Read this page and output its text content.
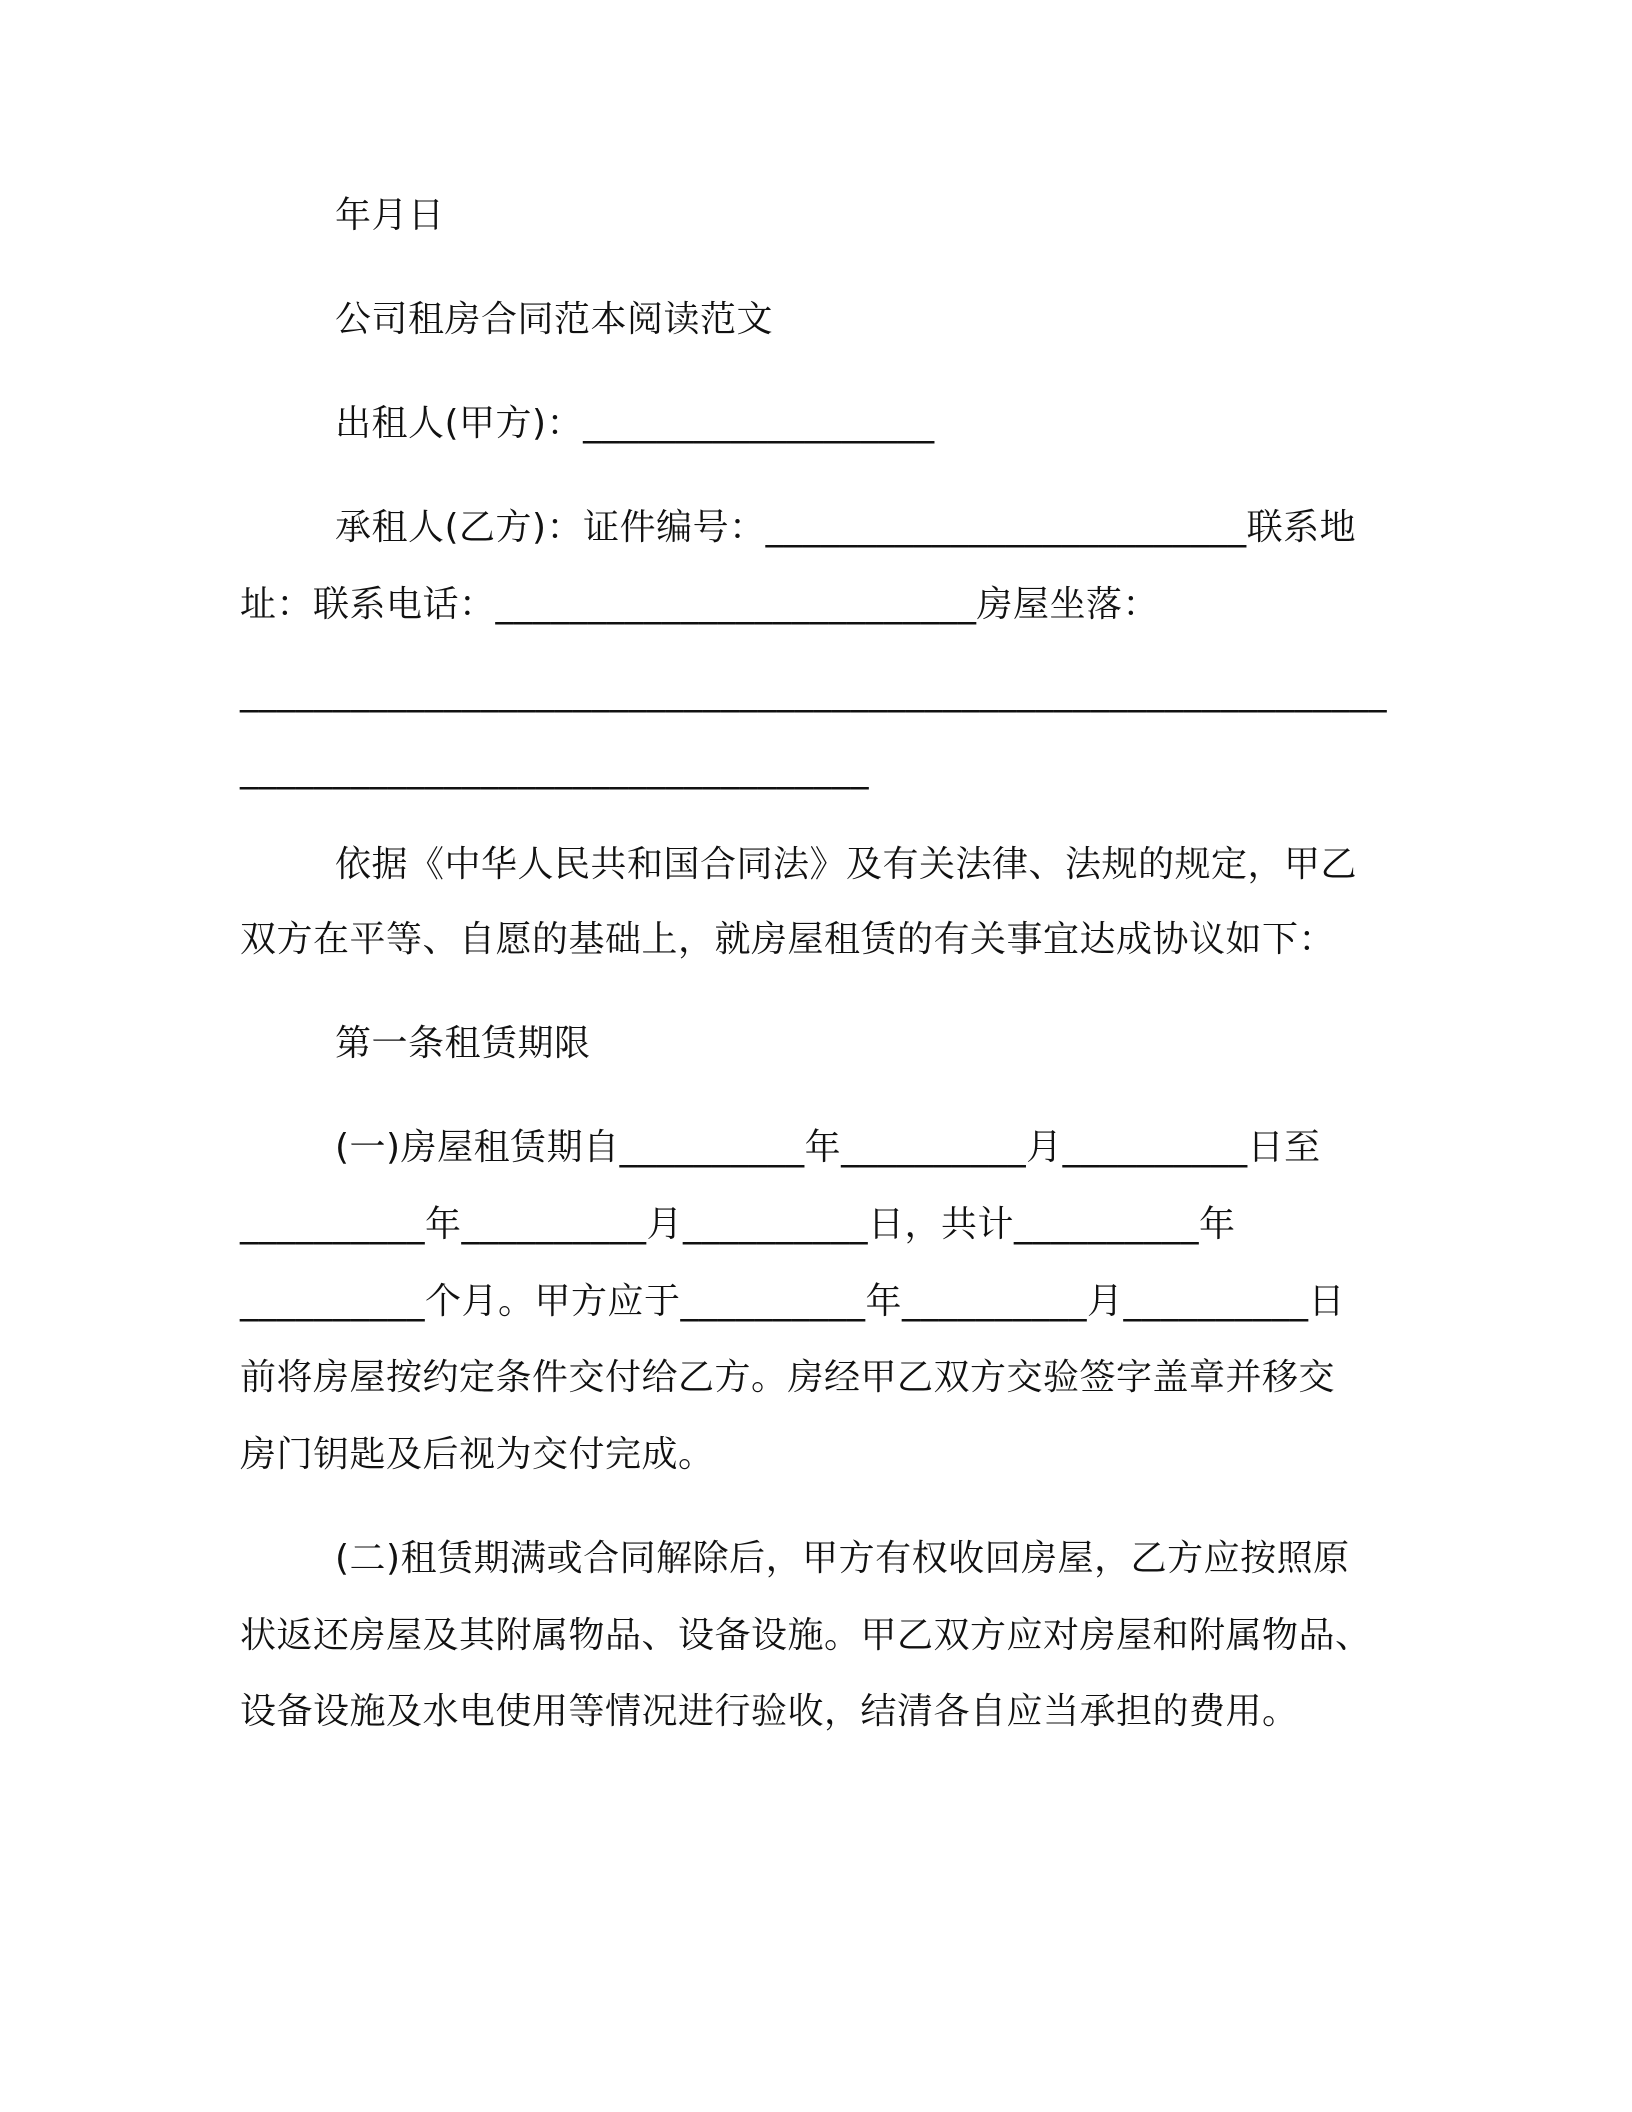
年月日
公司租房合同范本阅读范文
出租人(甲方)：___________________
承租人(乙方)：证件编号：__________________________联系地
址：联系电话：__________________________房屋坐落：
______________________________________________________________
__________________________________
依据《中华人民共和国合同法》及有关法律、法规的规定，甲乙
双方在平等、自愿的基础上，就房屋租赁的有关事宜达成协议如下：
第一条租赁期限
(一)房屋租赁期自__________年__________月__________日至
__________年__________月__________日，共计__________年
__________个月。甲方应于__________年__________月__________日
前将房屋按约定条件交付给乙方。房经甲乙双方交验签字盖章并移交
房门钥匙及后视为交付完成。
(二)租赁期满或合同解除后，甲方有权收回房屋，乙方应按照原
状返还房屋及其附属物品、设备设施。甲乙双方应对房屋和附属物品、
设备设施及水电使用等情况进行验收，结清各自应当承担的费用。
